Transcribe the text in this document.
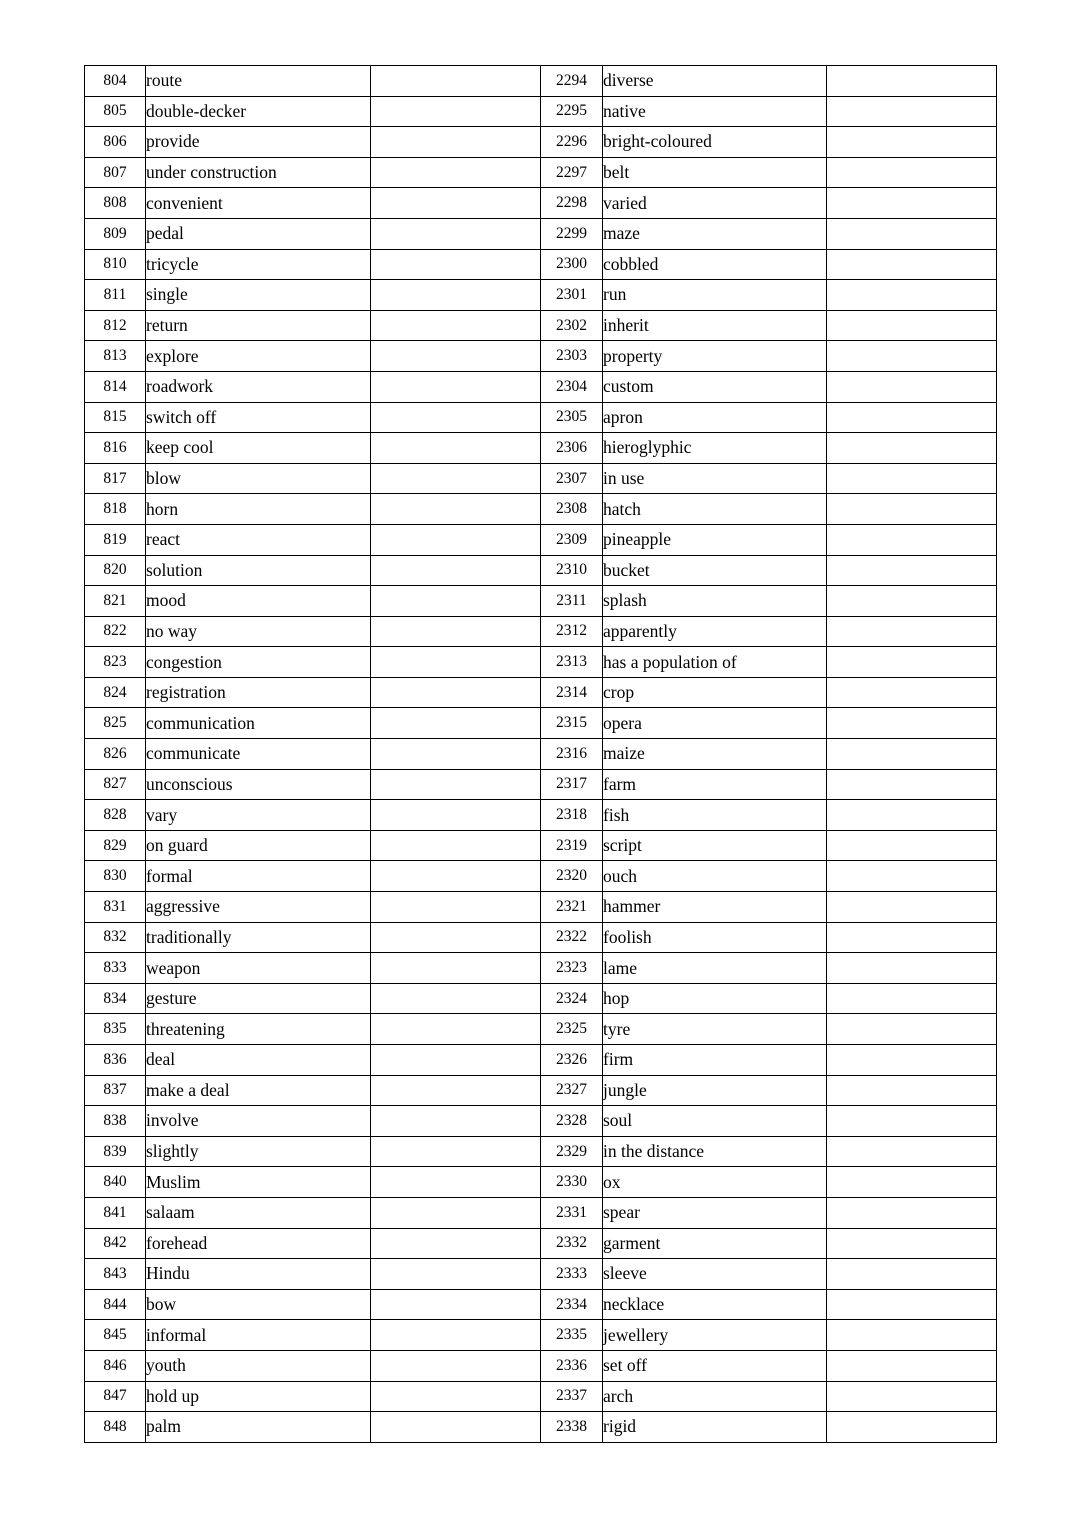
804	route		2294	diverse	
805	double-decker		2295	native	
806	provide		2296	bright-coloured	
807	under construction		2297	belt	
808	convenient		2298	varied	
809	pedal		2299	maze	
810	tricycle		2300	cobbled	
811	single		2301	run	
812	return		2302	inherit	
813	explore		2303	property	
814	roadwork		2304	custom	
815	switch off		2305	apron	
816	keep cool		2306	hieroglyphic	
817	blow		2307	in use	
818	horn		2308	hatch	
819	react		2309	pineapple	
820	solution		2310	bucket	
821	mood		2311	splash	
822	no way		2312	apparently	
823	congestion		2313	has a population of	
824	registration		2314	crop	
825	communication		2315	opera	
826	communicate		2316	maize	
827	unconscious		2317	farm	
828	vary		2318	fish	
829	on guard		2319	script	
830	formal		2320	ouch	
831	aggressive		2321	hammer	
832	traditionally		2322	foolish	
833	weapon		2323	lame	
834	gesture		2324	hop	
835	threatening		2325	tyre	
836	deal		2326	firm	
837	make a deal		2327	jungle	
838	involve		2328	soul	
839	slightly		2329	in the distance	
840	Muslim		2330	ox	
841	salaam		2331	spear	
842	forehead		2332	garment	
843	Hindu		2333	sleeve	
844	bow		2334	necklace	
845	informal		2335	jewellery	
846	youth		2336	set off	
847	hold up		2337	arch	
848	palm		2338	rigid	
